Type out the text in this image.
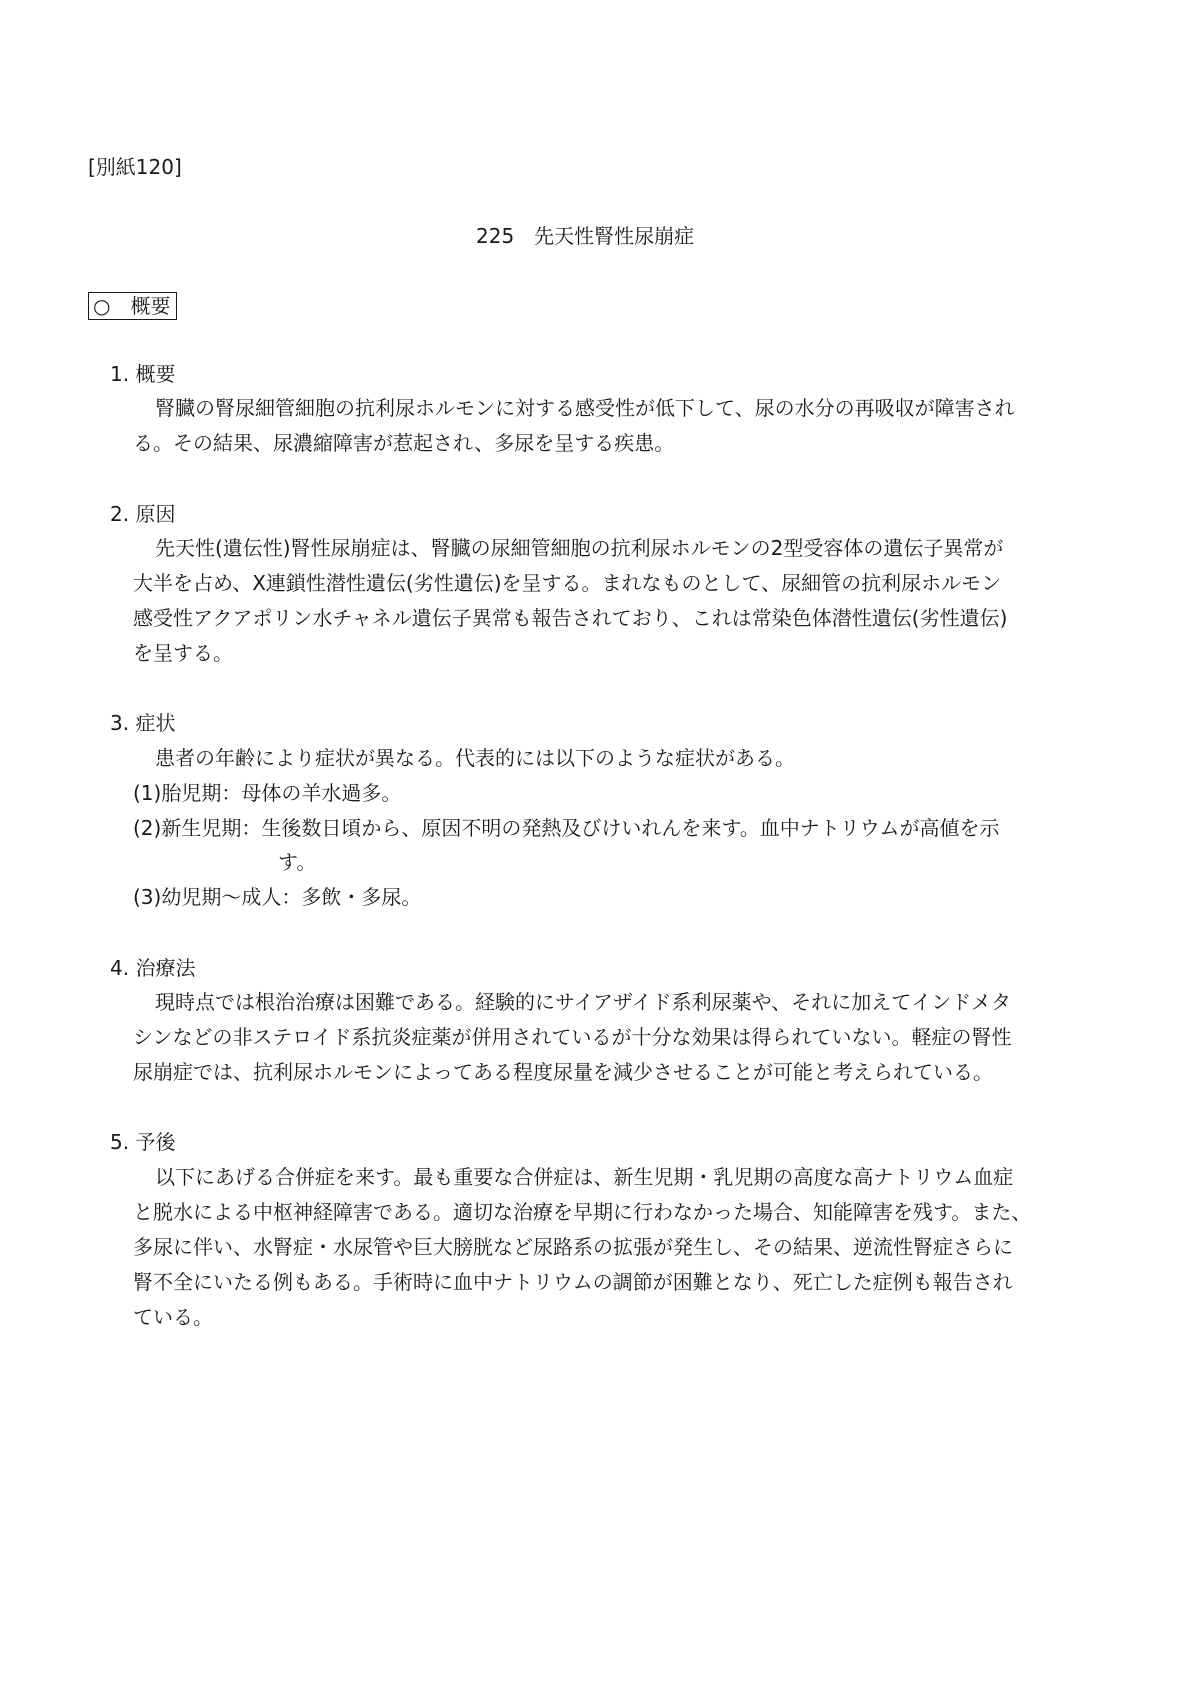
[別紙120]
225　先天性腎性尿崩症
○　概要
1. 概要
腎臓の腎尿細管細胞の抗利尿ホルモンに対する感受性が低下して、尿の水分の再吸収が障害され
る。その結果、尿濃縮障害が惹起され、多尿を呈する疾患。
2. 原因
先天性(遺伝性)腎性尿崩症は、腎臓の尿細管細胞の抗利尿ホルモンの2型受容体の遺伝子異常が
大半を占め、X連鎖性潜性遺伝(劣性遺伝)を呈する。まれなものとして、尿細管の抗利尿ホルモン
感受性アクアポリン水チャネル遺伝子異常も報告されており、これは常染色体潜性遺伝(劣性遺伝)
を呈する。
3. 症状
患者の年齢により症状が異なる。代表的には以下のような症状がある。
(1)胎児期：母体の羊水過多。
(2)新生児期：生後数日頃から、原因不明の発熱及びけいれんを来す。血中ナトリウムが高値を示
す。
(3)幼児期～成人：多飲・多尿。
4. 治療法
現時点では根治治療は困難である。経験的にサイアザイド系利尿薬や、それに加えてインドメタ
シンなどの非ステロイド系抗炎症薬が併用されているが十分な効果は得られていない。軽症の腎性
尿崩症では、抗利尿ホルモンによってある程度尿量を減少させることが可能と考えられている。
5. 予後
以下にあげる合併症を来す。最も重要な合併症は、新生児期・乳児期の高度な高ナトリウム血症
と脱水による中枢神経障害である。適切な治療を早期に行わなかった場合、知能障害を残す。また、
多尿に伴い、水腎症・水尿管や巨大膀胱など尿路系の拡張が発生し、その結果、逆流性腎症さらに
腎不全にいたる例もある。手術時に血中ナトリウムの調節が困難となり、死亡した症例も報告され
ている。
